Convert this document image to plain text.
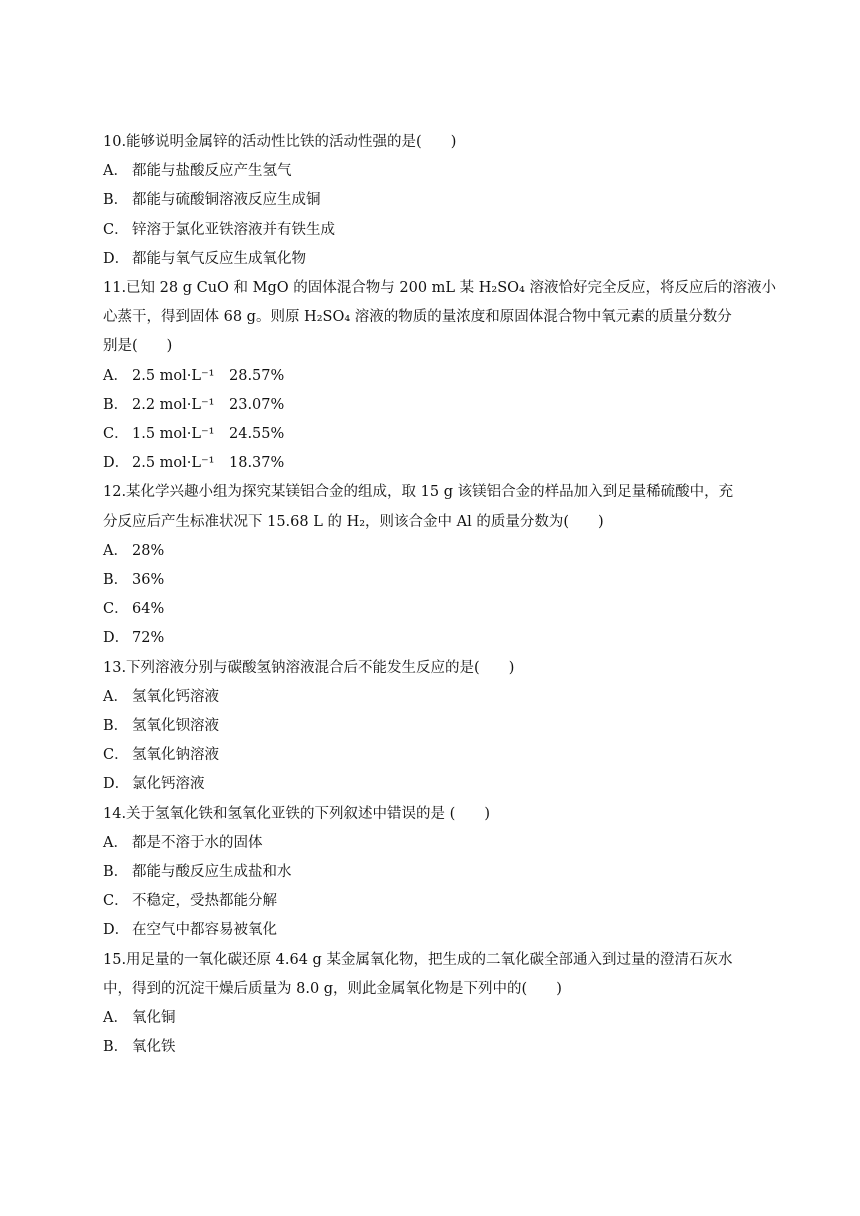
10.能够说明金属锌的活动性比铁的活动性强的是(　　)
A． 都能与盐酸反应产生氢气
B． 都能与硫酸铜溶液反应生成铜
C． 锌溶于氯化亚铁溶液并有铁生成
D． 都能与氧气反应生成氧化物
11.已知 28 g CuO 和 MgO 的固体混合物与 200 mL 某 H₂SO₄ 溶液恰好完全反应，将反应后的溶液小
心蒸干，得到固体 68 g。则原 H₂SO₄ 溶液的物质的量浓度和原固体混合物中氧元素的质量分数分
别是(　　)
A． 2.5 mol·L⁻¹　28.57%
B． 2.2 mol·L⁻¹　23.07%
C． 1.5 mol·L⁻¹　24.55%
D． 2.5 mol·L⁻¹　18.37%
12.某化学兴趣小组为探究某镁铝合金的组成，取 15 g 该镁铝合金的样品加入到足量稀硫酸中，充
分反应后产生标准状况下 15.68 L 的 H₂，则该合金中 Al 的质量分数为(　　)
A． 28%
B． 36%
C． 64%
D． 72%
13.下列溶液分别与碳酸氢钠溶液混合后不能发生反应的是(　　)
A． 氢氧化钙溶液
B． 氢氧化钡溶液
C． 氢氧化钠溶液
D． 氯化钙溶液
14.关于氢氧化铁和氢氧化亚铁的下列叙述中错误的是 (　　)
A． 都是不溶于水的固体
B． 都能与酸反应生成盐和水
C． 不稳定，受热都能分解
D． 在空气中都容易被氧化
15.用足量的一氧化碳还原 4.64 g 某金属氧化物，把生成的二氧化碳全部通入到过量的澄清石灰水
中，得到的沉淀干燥后质量为 8.0 g，则此金属氧化物是下列中的(　　)
A． 氧化铜
B． 氧化铁
